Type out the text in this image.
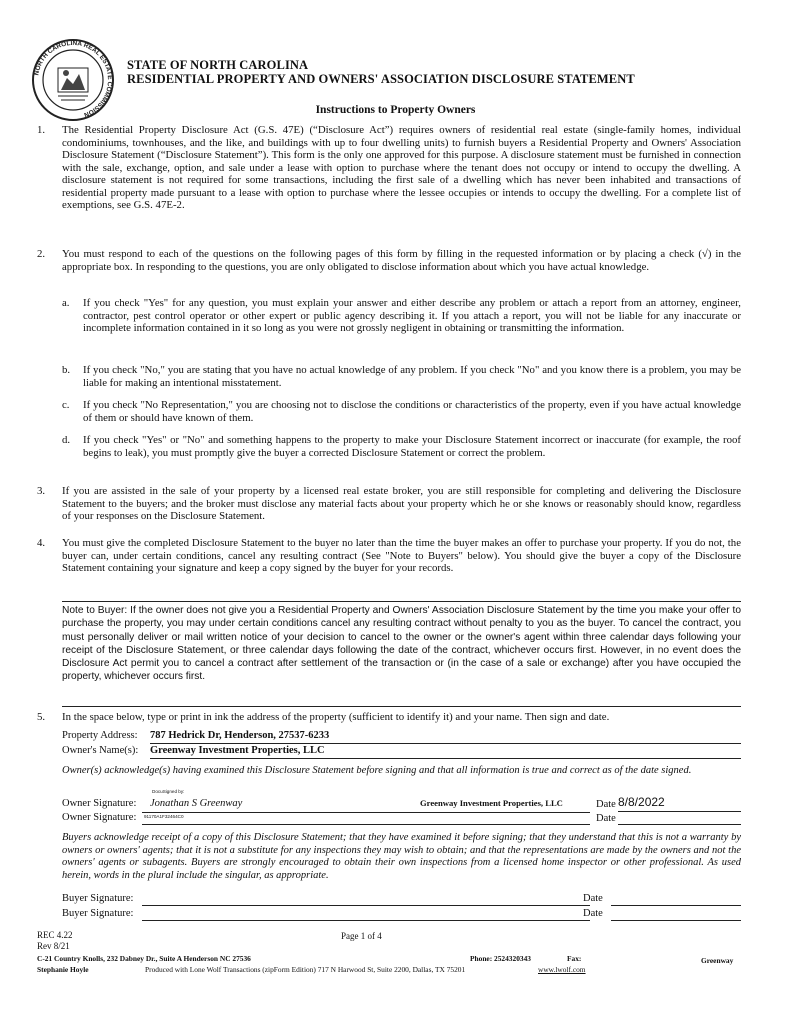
NORTH CAROLINA REAL ESTATE COMMISSION
STATE OF NORTH CAROLINA
RESIDENTIAL PROPERTY AND OWNERS' ASSOCIATION DISCLOSURE STATEMENT
Instructions to Property Owners
1. The Residential Property Disclosure Act (G.S. 47E) (“Disclosure Act”) requires owners of residential real estate (single-family homes, individual condominiums, townhouses, and the like, and buildings with up to four dwelling units) to furnish buyers a Residential Property and Owners' Association Disclosure Statement (“Disclosure Statement”). This form is the only one approved for this purpose. A disclosure statement must be furnished in connection with the sale, exchange, option, and sale under a lease with option to purchase where the tenant does not occupy or intend to occupy the dwelling. A disclosure statement is not required for some transactions, including the first sale of a dwelling which has never been inhabited and transactions of residential property made pursuant to a lease with option to purchase where the lessee occupies or intends to occupy the dwelling. For a complete list of exemptions, see G.S. 47E-2.
2. You must respond to each of the questions on the following pages of this form by filling in the requested information or by placing a check (√) in the appropriate box. In responding to the questions, you are only obligated to disclose information about which you have actual knowledge.
a. If you check "Yes" for any question, you must explain your answer and either describe any problem or attach a report from an attorney, engineer, contractor, pest control operator or other expert or public agency describing it. If you attach a report, you will not be liable for any inaccurate or incomplete information contained in it so long as you were not grossly negligent in obtaining or transmitting the information.
b. If you check "No," you are stating that you have no actual knowledge of any problem. If you check "No" and you know there is a problem, you may be liable for making an intentional misstatement.
c. If you check "No Representation," you are choosing not to disclose the conditions or characteristics of the property, even if you have actual knowledge of them or should have known of them.
d. If you check "Yes" or "No" and something happens to the property to make your Disclosure Statement incorrect or inaccurate (for example, the roof begins to leak), you must promptly give the buyer a corrected Disclosure Statement or correct the problem.
3. If you are assisted in the sale of your property by a licensed real estate broker, you are still responsible for completing and delivering the Disclosure Statement to the buyers; and the broker must disclose any material facts about your property which he or she knows or reasonably should know, regardless of your responses on the Disclosure Statement.
4. You must give the completed Disclosure Statement to the buyer no later than the time the buyer makes an offer to purchase your property. If you do not, the buyer can, under certain conditions, cancel any resulting contract (See "Note to Buyers" below). You should give the buyer a copy of the Disclosure Statement containing your signature and keep a copy signed by the buyer for your records.
Note to Buyer: If the owner does not give you a Residential Property and Owners' Association Disclosure Statement by the time you make your offer to purchase the property, you may under certain conditions cancel any resulting contract without penalty to you as the buyer. To cancel the contract, you must personally deliver or mail written notice of your decision to cancel to the owner or the owner's agent within three calendar days following your receipt of the Disclosure Statement, or three calendar days following the date of the contract, whichever occurs first. However, in no event does the Disclosure Act permit you to cancel a contract after settlement of the transaction or (in the case of a sale or exchange) after you have occupied the property, whichever occurs first.
5. In the space below, type or print in ink the address of the property (sufficient to identify it) and your name. Then sign and date.
Property Address: 787 Hedrick Dr, Henderson, 27537-6233
Owner's Name(s): Greenway Investment Properties, LLC
Owner(s) acknowledge(s) having examined this Disclosure Statement before signing and that all information is true and correct as of the date signed.
Owner Signature:
DocuSigned by:
Jonathan S Greenway	Greenway Investment Properties, LLC	Date 8/8/2022
Owner Signature: 91170A1F32464C0	Date
Buyers acknowledge receipt of a copy of this Disclosure Statement; that they have examined it before signing; that they understand that this is not a warranty by owners or owners' agents; that it is not a substitute for any inspections they may wish to obtain; and that the representations are made by the owners and not the owners' agents or subagents. Buyers are strongly encouraged to obtain their own inspections from a licensed home inspector or other professional. As used herein, words in the plural include the singular, as appropriate.
Buyer Signature:	Date
Buyer Signature:	Date
REC 4.22
Rev 8/21
Page 1 of 4
C-21 Country Knolls, 232 Dabney Dr., Suite A Henderson NC 27536
Stephanie Hoyle
Phone: 2524320343	Fax:	Greenway
Produced with Lone Wolf Transactions (zipForm Edition) 717 N Harwood St, Suite 2200, Dallas, TX 75201	www.lwolf.com
